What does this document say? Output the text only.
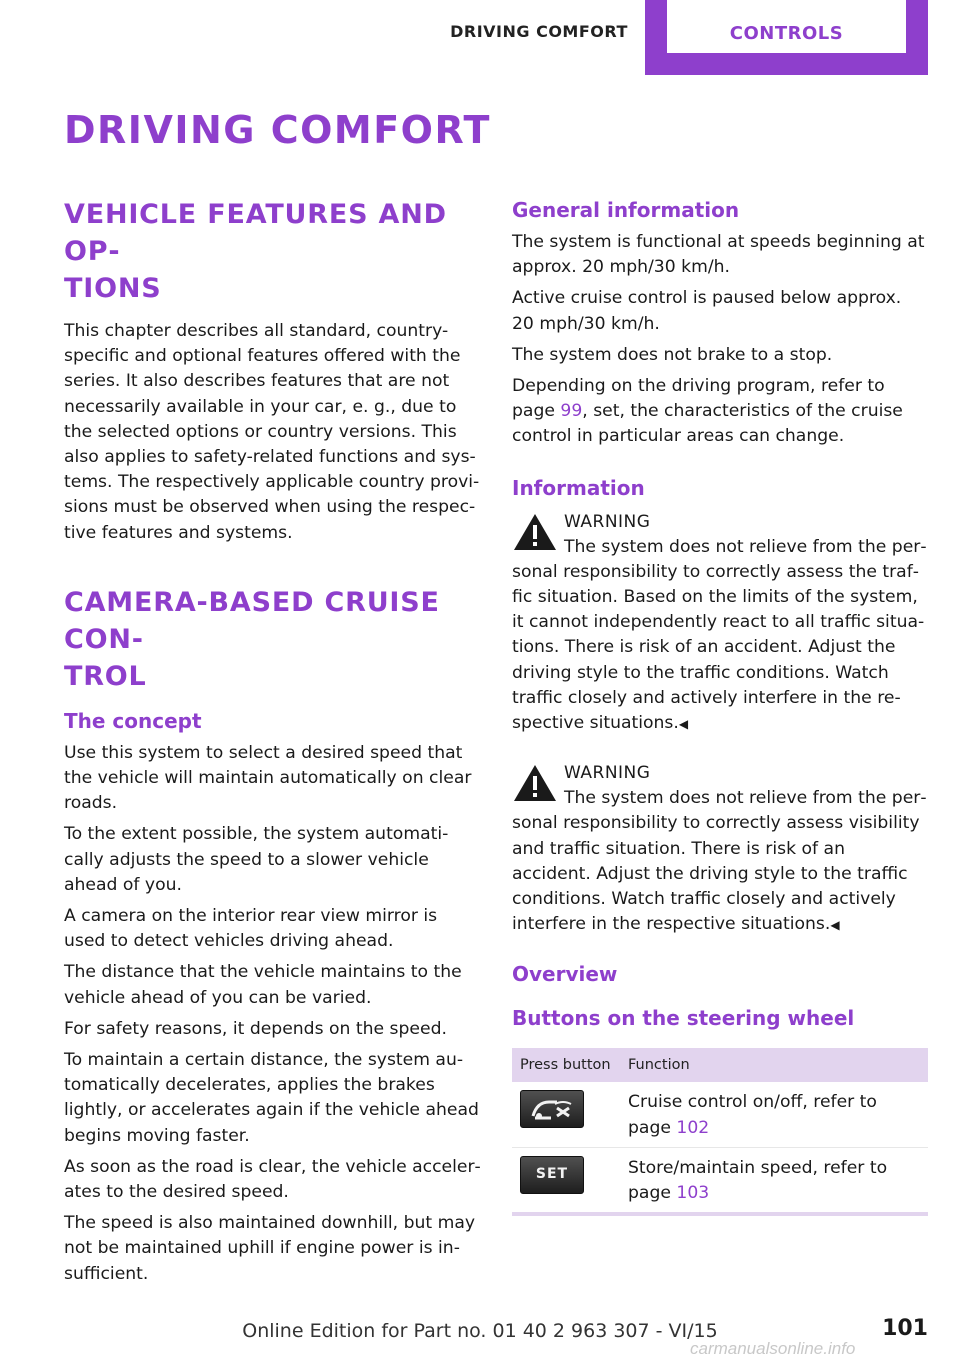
DRIVING COMFORT	CONTROLS
DRIVING COMFORT
VEHICLE FEATURES AND OP‐
TIONS

This chapter describes all standard, country-specific and optional features offered with the series. It also describes features that are not necessarily available in your car, e. g., due to the selected options or country versions. This also applies to safety-related functions and sys‐tems. The respectively applicable country provi‐sions must be observed when using the respec‐tive features and systems.

CAMERA-BASED CRUISE CON‐
TROL
The concept

Use this system to select a desired speed that the vehicle will maintain automatically on clear roads.

To the extent possible, the system automati‐cally adjusts the speed to a slower vehicle ahead of you.

A camera on the interior rear view mirror is used to detect vehicles driving ahead.

The distance that the vehicle maintains to the vehicle ahead of you can be varied.

For safety reasons, it depends on the speed.

To maintain a certain distance, the system au‐tomatically decelerates, applies the brakes lightly, or accelerates again if the vehicle ahead begins moving faster.

As soon as the road is clear, the vehicle acceler‐ates to the desired speed.

The speed is also maintained downhill, but may not be maintained uphill if engine power is in‐sufficient.

General information

The system is functional at speeds beginning at approx. 20 mph/30 km/h.

Active cruise control is paused below approx. 20 mph/30 km/h.

The system does not brake to a stop.

Depending on the driving program, refer to page 99, set, the characteristics of the cruise control in particular areas can change.

Information
WARNING

The system does not relieve from the per‐sonal responsibility to correctly assess the traf‐fic situation. Based on the limits of the system, it cannot independently react to all traffic situa‐tions. There is risk of an accident. Adjust the driving style to the traffic conditions. Watch traffic closely and actively interfere in the re‐spective situations.◀

WARNING

The system does not relieve from the per‐sonal responsibility to correctly assess visibility and traffic situation. There is risk of an accident. Adjust the driving style to the traffic conditions. Watch traffic closely and actively interfere in the respective situations.◀

Overview
Buttons on the steering wheel
Press button	Function

	Cruise control on/off, refer to page 102

SET	Store/maintain speed, refer to page 103
101
Online Edition for Part no. 01 40 2 963 307 - VI/15
carmanualsonline.info
